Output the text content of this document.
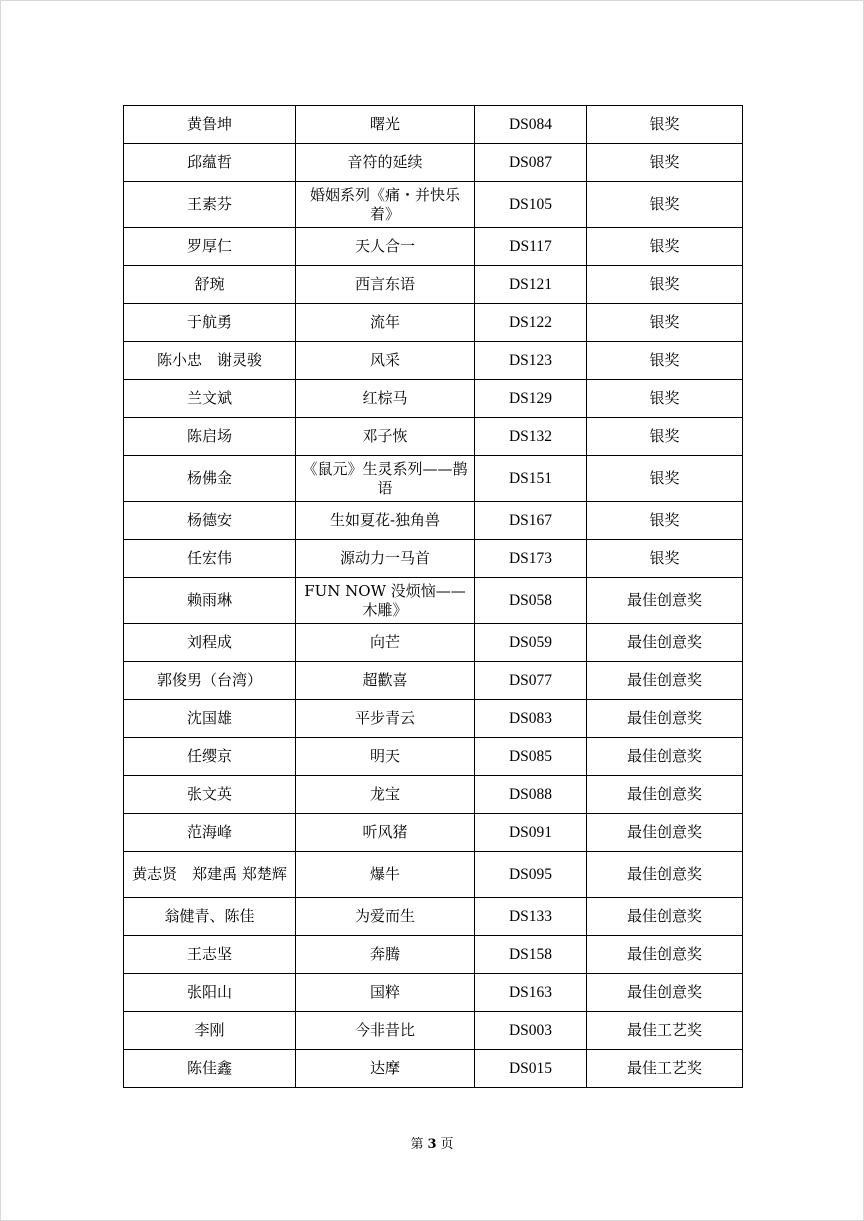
黄鲁坤	曙光	DS084	银奖
邱蕴哲	音符的延续	DS087	银奖
王素芬	婚姻系列《痛・并快乐着》	DS105	银奖
罗厚仁	天人合一	DS117	银奖
舒琬	西言东语	DS121	银奖
于航勇	流年	DS122	银奖
陈小忠　谢灵骏	风采	DS123	银奖
兰文斌	红棕马	DS129	银奖
陈启场	邓子恢	DS132	银奖
杨佛金	《鼠元》生灵系列——鹊语	DS151	银奖
杨德安	生如夏花-独角兽	DS167	银奖
任宏伟	源动力一马首	DS173	银奖
赖雨琳	FUN NOW 没烦恼——木雕》	DS058	最佳创意奖
刘程成	向芒	DS059	最佳创意奖
郭俊男（台湾）	超歡喜	DS077	最佳创意奖
沈国雄	平步青云	DS083	最佳创意奖
任缨京	明天	DS085	最佳创意奖
张文英	龙宝	DS088	最佳创意奖
范海峰	听风猪	DS091	最佳创意奖
黄志贤　郑建禹 郑楚辉	爆牛	DS095	最佳创意奖
翁健青、陈佳	为爱而生	DS133	最佳创意奖
王志坚	奔腾	DS158	最佳创意奖
张阳山	国粹	DS163	最佳创意奖
李刚	今非昔比	DS003	最佳工艺奖
陈佳鑫	达摩	DS015	最佳工艺奖
第 3 页
